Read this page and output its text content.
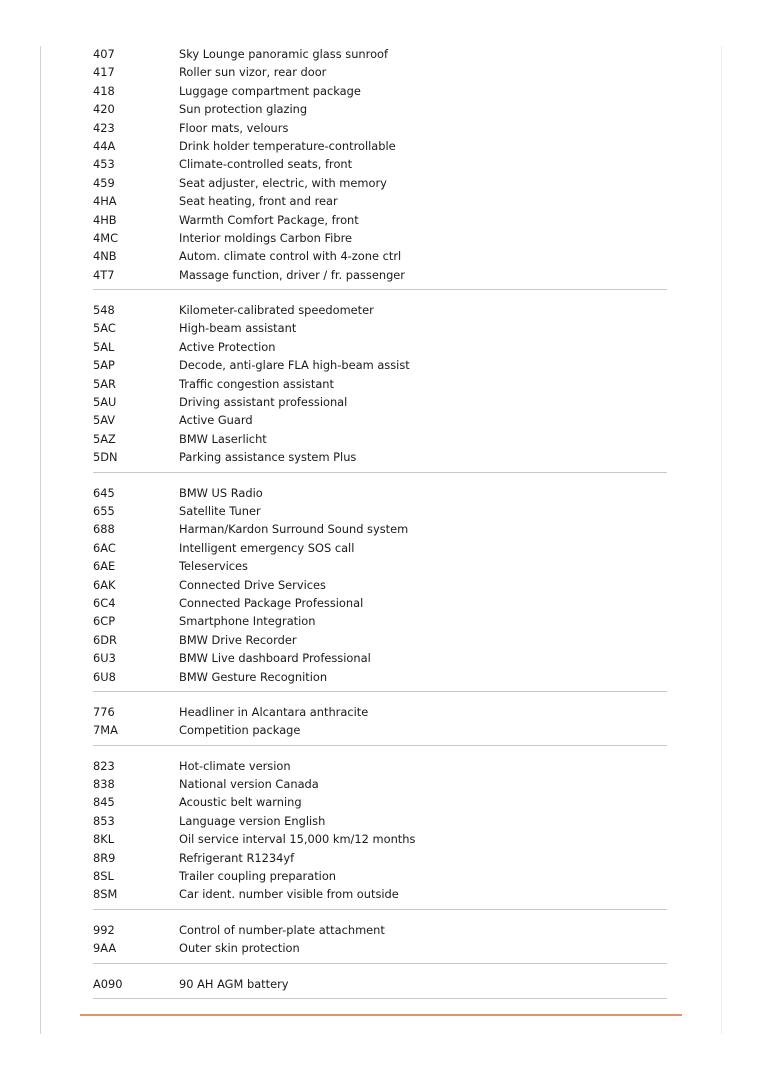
407	Sky Lounge panoramic glass sunroof
417	Roller sun vizor, rear door
418	Luggage compartment package
420	Sun protection glazing
423	Floor mats, velours
44A	Drink holder temperature-controllable
453	Climate-controlled seats, front
459	Seat adjuster, electric, with memory
4HA	Seat heating, front and rear
4HB	Warmth Comfort Package, front
4MC	Interior moldings Carbon Fibre
4NB	Autom. climate control with 4-zone ctrl
4T7	Massage function, driver / fr. passenger
548	Kilometer-calibrated speedometer
5AC	High-beam assistant
5AL	Active Protection
5AP	Decode, anti-glare FLA high-beam assist
5AR	Traffic congestion assistant
5AU	Driving assistant professional
5AV	Active Guard
5AZ	BMW Laserlicht
5DN	Parking assistance system Plus
645	BMW US Radio
655	Satellite Tuner
688	Harman/Kardon Surround Sound system
6AC	Intelligent emergency SOS call
6AE	Teleservices
6AK	Connected Drive Services
6C4	Connected Package Professional
6CP	Smartphone Integration
6DR	BMW Drive Recorder
6U3	BMW Live dashboard Professional
6U8	BMW Gesture Recognition
776	Headliner in Alcantara anthracite
7MA	Competition package
823	Hot-climate version
838	National version Canada
845	Acoustic belt warning
853	Language version English
8KL	Oil service interval 15,000 km/12 months
8R9	Refrigerant R1234yf
8SL	Trailer coupling preparation
8SM	Car ident. number visible from outside
992	Control of number-plate attachment
9AA	Outer skin protection
A090	90 AH AGM battery
